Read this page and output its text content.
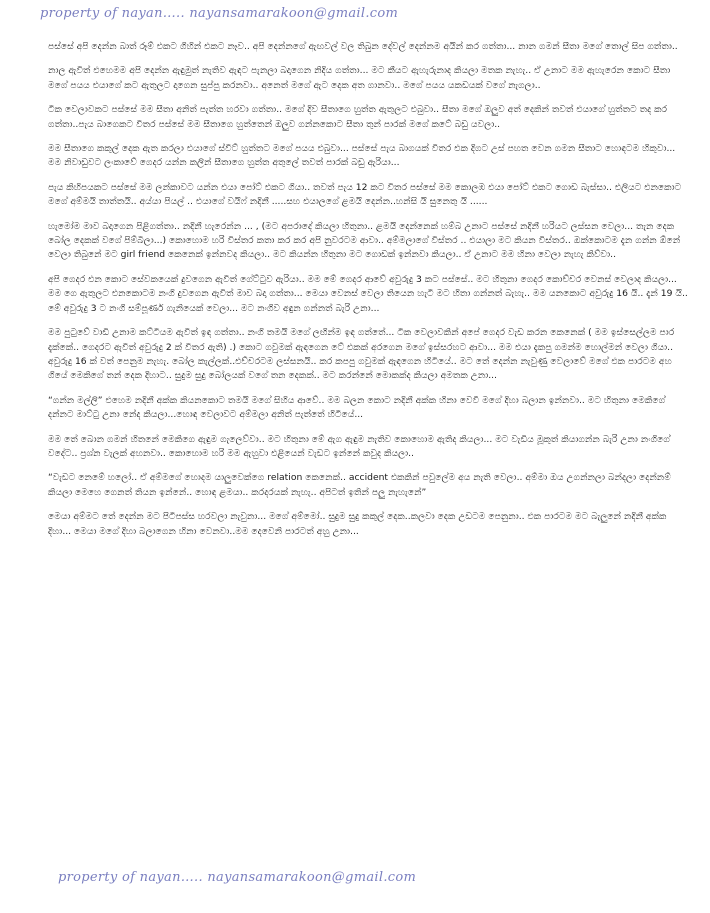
property of nayan….. nayansamarakoon@gmail.com

පස්සේ අපි දෙන්න බාත් රූම් එකට ගිහින් එකට නෑව.. අපි දෙන්නගේ ඇඟවල් වල තිබුන දේවල් දෙන්නම අයින් කර ගත්තා... නාන ගමන් සීතා මගේ තොල් සිප ගත්තා..

නාල ඇවිත් එහෙමම අපි දෙන්න ඇඳුමුත් නැතිව ඇඳට පැනලා බදාගෙන නිදිය ගත්තා... මට කීයට ඇහැරුනාද කියලා මතක නැහැ.. ඒ උනාට මම ඇහැරෙන කොට සීතා මගේ පයය එයාගේ කට ඇතුලට දාගෙන සුප්පු කරනවා.. අනෙත් මගේ ඇට දෙක අත ගානවා.. මගේ පයය යකඩයක් වගේ නැගලා..

ටික වෙලාවකට පස්සේ මම සීතා අනිත් පැත්ත හරවා ගත්තා.. මගේ දිව සීතාගෙ හුත්ත ඇතුලට එබුවා.. සීතා මගේ ඔලුව අත් දෙකින් තවත් එයාගේ හුත්තට තද කර ගත්තා..පැය බාගෙකට විතර පස්සේ මම සීතාගෙ හුත්තෙන් ඔලුව ගන්නකොට සීතා තුන් පාරක් මගේ කටේ බඩු යවලා..

මම සීතාගෙ කකුල් දෙක ඇත කරලා එයාගේ ස්විට් හුත්තට මගේ පයය එබුවා... පස්සේ පැය බාගයක් විතර එක දිගට උස් පහත වෙන ගමන සීතාට හොඳටම හිකුවා... මම නිවාඩුවට ලංකාවේ ගෙදර යන්න කලින් සීතාගෙ හුත්ත අතුලේ තවත් පාරක් බඩු ඇරියා...

පැය කිහිපයකට පස්සේ මම ලන්කාවට යන්න එයා පෝට් එකට ගියා.. තවත් පැය 12 කට විතර පස්සේ මම කොලඹ එයා පෝට් එකට ගොඩ බැස්සා.. එලියට එනකොට මගේ අම්මයි තාත්තයි.. අය්යා පියල් .. එයාගේ වයිෆ් නදිනී .....සහ එයාලගේ ළමයි දෙන්න..හන්සි යි සුනෙතු යි ......

හැමෝම මාව බදාගෙන පිළිගත්තා.. නදිනී හැරෙන්න ... , (මට අපරාදේ කියලා හිතුනා.. ළමයි දෙන්නෙක් හම්බ උනාට පස්සේ නදිනී හරියට ලස්සන වෙලා... තැන දෙක බෝල දෙකක් වගේ පිම්බිලා...) කොහොම හරි විස්තර කතා කර කර අපි නුවරටම ආවා.. අම්මලාගේ විස්තර .. එයාලා මට කියන විස්තර.. ඔක්කොටම දැන ගන්න ඕනේ වෙලා තිබුනේ මට girl friend කෙනෙක් ඉන්නවද කියලා.. මට කියන්න හිතුනා මට ගොඩක් ඉන්නවා කියලා.. ඒ උනාට මම හිනා වෙලා නැහැ කිව්වා..

අපි ගෙදර එන කොට සේවකයෙක් දුවගෙන ඇවිත් ගේට්ටුව ඇරියා.. මම මේ ගෙදර ආවේ අවුරුදු 3 කට පස්සේ.. මට හිතුනා ගෙදර කොච්චර වෙනස් වෙලාද කියලා... මම ගෙ ඇතුලට එනකොටම නංගි දුවගෙන ඇවිත් මාව බදා ගත්තා... මෙයා වෙනස් වෙලා තියෙන හැටි මට හිතා ගන්නත් බැහැ.. මම යනකොට අවුරුදු 16 යි.. දැන් 19 යි.. මේ අවුරුදු 3 ට නංගි සම්පූර්ණ ගැනියෙක් වෙලා... මට නංගිව අඳුන ගන්නත් බැරි උනා...

මම පුටුවේ වාඩි උනාම කට්ටියම ඇවිත් ඉඳ ගත්තා.. නංගි තමයි මගේ ලඟින්ම ඉඳ ගත්තේ... ටික වෙලාවකින් අපේ ගෙදර වැඩ කරන කෙනෙක් ( මම ඉස්සෙල්ලම පාර දැක්කේ.. ගෙදරට ඇවිත් අවුරුදු 2 ක් විතර ඇති) .) කොට ගවුමක් ඇඳගෙන ටේ එකක් අරගෙන මගේ ඉස්සරහට ආවා... මම එයා දැකපු ගමන්ම හොල්මන් වෙලා ගියා.. අවුරුදු 16 ක් වත් පෙනුම නැහැ. බෝල කැල්ලක්..එච්චරටම ලස්සනයි.. කර කපපු ගවුමක් ඇඳගෙන හිටියේ.. මට තේ දෙන්න නැවුණු වෙලාවේ මගේ එක පාරටම අහ ගියේ මෙකිගේ තන් දෙක දිහාට.. සුදුම සුදු බෝලයක් වගේ තන දෙකක්.. මට කරන්නේ මොකක්ද කියලා අමතක උනා...

“ගන්න මල්ලි” එහෙම නදිනී අක්ක කියනකොට තමයි මගේ සිහිය ආවේ.. මම බලන කොට නදිනී අක්ක හිනා වෙවී මගේ දිහා බලාන ඉන්නවා.. මට හිතුනා මෙකිගේ දන්නට මාට්ටු උනා නේද කියලා...හොඳ වෙලාවට අම්මලා අනිත් පැත්තේ හිටියේ...

මම තේ බොන ගමන් හිතනේ මෙකිගෙ ඇඳුම ගැලෙව්වා.. මට හිතුනා මේ ඇග ඇඳුම නැතිව කොහොම ඇතිද කියලා... මට වැඩිය මූකුත් කියාගන්න බැරි උනා නංගිගේ වදේට.. ප්‍රශ්න වැලක් අහනවා.. කොහොම හරි මම ඇහුවා එළියෙන් වැඩට ඉන්නේ කවුද කියලා..

“වැඩට නෙමේ හලෝ.. ඒ අම්මගේ හොදම යාලුවෙක්ගෙ relation කෙනෙක්.. accident එකකින් පවුලේම අය නැති වෙලා.. අම්මා ඔය උගන්නලා බන්දලා දෙන්නම් කියලා මෙහෙ ගෙනත් තියන ඉන්නේ.. හොඳ ළමයා.. කරදරයක් නැහැ.. අපිටත් ඉතින් පලු නැහැනේ”

මෙයා අම්මට තේ දෙන්න මට පිටිපස්ස හරවලා නැවුනා... මගේ අම්මෝ.. සුදුම සුදු කකුල් දෙක..කලවා දෙක උඩටම පෙනුනා.. එක පාරටම මට බැලුනේ නදිනී අක්ක දිහා... මෙයා මගේ දිහා බලාගෙන හිනා වෙනවා..මම දෙවෙනි පාරටත් අහු උනා...

property of nayan….. nayansamarakoon@gmail.com
